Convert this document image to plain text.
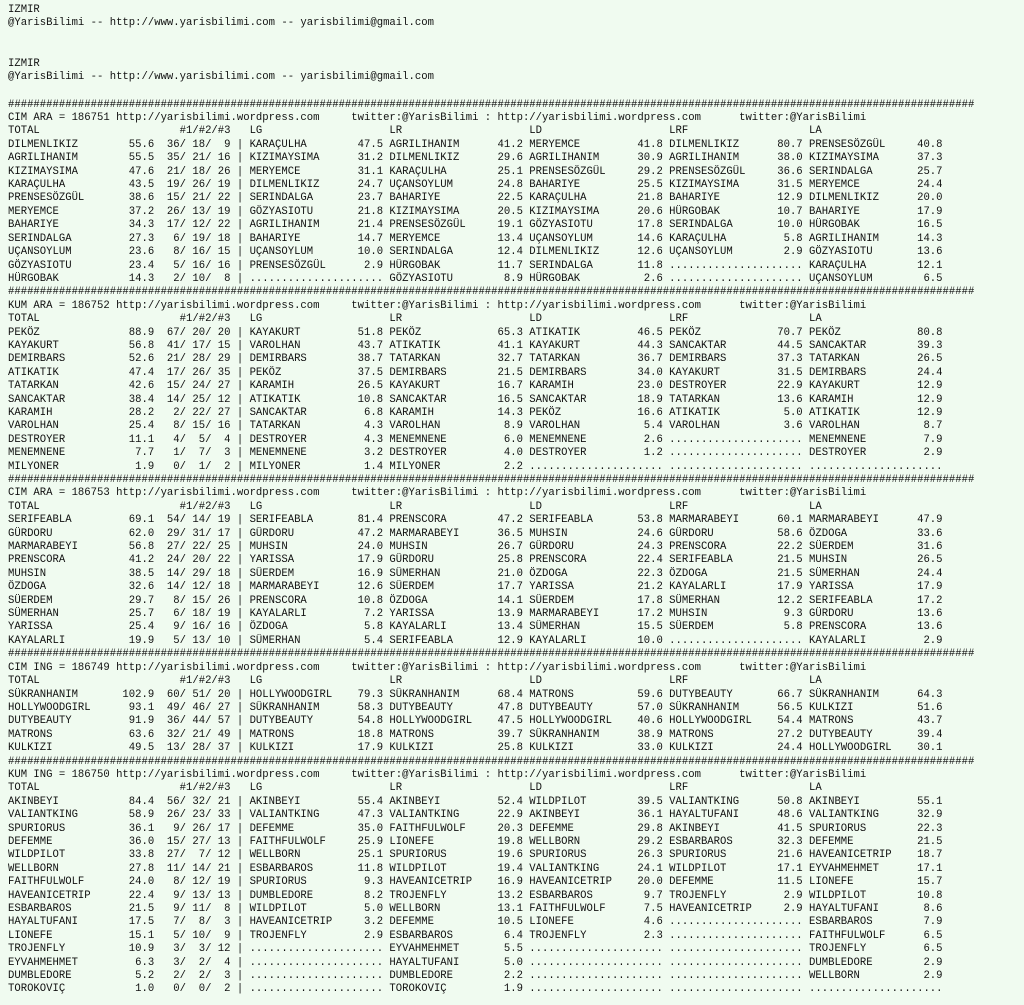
IZMIR
@YarisBilimi -- http://www.yarisbilimi.com -- yarisbilimi@gmail.com
IZMIR
@YarisBilimi -- http://www.yarisbilimi.com -- yarisbilimi@gmail.com
########################################################################################################################################################
CIM ARA = 186751 http://yarisbilimi.wordpress.com     twitter:@YarisBilimi : http://yarisbilimi.wordpress.com      twitter:@YarisBilimi
TOTAL                      #1/#2/#3   LG                    LR                    LD                    LRF                   LA
DILMENLIKIZ        55.6  36/ 18/  9 | KARAÇULHA        47.5 AGRILIHANIM      41.2 MERYEMCE         41.8 DILMENLIKIZ      80.7 PRENSESÖZGÜL     40.8
AGRILIHANIM        55.5  35/ 21/ 16 | KIZIMAYSIMA      31.2 DILMENLIKIZ      29.6 AGRILIHANIM      30.9 AGRILIHANIM      38.0 KIZIMAYSIMA      37.3
KIZIMAYSIMA        47.6  21/ 18/ 26 | MERYEMCE         31.1 KARAÇULHA        25.1 PRENSESÖZGÜL     29.2 PRENSESÖZGÜL     36.6 SERINDALGA       25.7
KARAÇULHA          43.5  19/ 26/ 19 | DILMENLIKIZ      24.7 UÇANSOYLUM       24.8 BAHARIYE         25.5 KIZIMAYSIMA      31.5 MERYEMCE         24.4
PRENSESÖZGÜL       38.6  15/ 21/ 22 | SERINDALGA       23.7 BAHARIYE         22.5 KARAÇULHA        21.8 BAHARIYE         12.9 DILMENLIKIZ      20.0
MERYEMCE           37.2  26/ 13/ 19 | GÖZYASIOTU       21.8 KIZIMAYSIMA      20.5 KIZIMAYSIMA      20.6 HÜRGOBAK         10.7 BAHARIYE         17.9
BAHARIYE           34.3  17/ 12/ 22 | AGRILIHANIM      21.4 PRENSESÖZGÜL     19.1 GÖZYASIOTU       17.8 SERINDALGA       10.0 HÜRGOBAK         16.5
SERINDALGA         27.3   6/ 19/ 18 | BAHARIYE         14.7 MERYEMCE         13.4 UÇANSOYLUM       14.6 KARAÇULHA         5.8 AGRILIHANIM      14.3
UÇANSOYLUM         23.6   8/ 16/ 15 | UÇANSOYLUM       10.0 SERINDALGA       12.4 DILMENLIKIZ      12.6 UÇANSOYLUM        2.9 GÖZYASIOTU       13.6
GÖZYASIOTU         23.4   5/ 16/ 16 | PRENSESÖZGÜL      2.9 HÜRGOBAK         11.7 SERINDALGA       11.8 ..................... KARAÇULHA        12.1
HÜRGOBAK           14.3   2/ 10/  8 | ..................... GÖZYASIOTU        8.9 HÜRGOBAK          2.6 ..................... UÇANSOYLUM        6.5
########################################################################################################################################################
KUM ARA = 186752 http://yarisbilimi.wordpress.com     twitter:@YarisBilimi : http://yarisbilimi.wordpress.com      twitter:@YarisBilimi
TOTAL                      #1/#2/#3   LG                    LR                    LD                    LRF                   LA
PEKÖZ              88.9  67/ 20/ 20 | KAYAKURT         51.8 PEKÖZ            65.3 ATIKATIK         46.5 PEKÖZ            70.7 PEKÖZ            80.8
KAYAKURT           56.8  41/ 17/ 15 | VAROLHAN         43.7 ATIKATIK         41.1 KAYAKURT         44.3 SANCAKTAR        44.5 SANCAKTAR        39.3
DEMIRBARS          52.6  21/ 28/ 29 | DEMIRBARS        38.7 TATARKAN         32.7 TATARKAN         36.7 DEMIRBARS        37.3 TATARKAN         26.5
ATIKATIK           47.4  17/ 26/ 35 | PEKÖZ            37.5 DEMIRBARS        21.5 DEMIRBARS        34.0 KAYAKURT         31.5 DEMIRBARS        24.4
TATARKAN           42.6  15/ 24/ 27 | KARAMIH          26.5 KAYAKURT         16.7 KARAMIH          23.0 DESTROYER        22.9 KAYAKURT         12.9
SANCAKTAR          38.4  14/ 25/ 12 | ATIKATIK         10.8 SANCAKTAR        16.5 SANCAKTAR        18.9 TATARKAN         13.6 KARAMIH          12.9
KARAMIH            28.2   2/ 22/ 27 | SANCAKTAR         6.8 KARAMIH          14.3 PEKÖZ            16.6 ATIKATIK          5.0 ATIKATIK         12.9
VAROLHAN           25.4   8/ 15/ 16 | TATARKAN          4.3 VAROLHAN          8.9 VAROLHAN          5.4 VAROLHAN          3.6 VAROLHAN          8.7
DESTROYER          11.1   4/  5/  4 | DESTROYER         4.3 MENEMNENE         6.0 MENEMNENE         2.6 ..................... MENEMNENE         7.9
MENEMNENE           7.7   1/  7/  3 | MENEMNENE         3.2 DESTROYER         4.0 DESTROYER         1.2 ..................... DESTROYER         2.9
MILYONER            1.9   0/  1/  2 | MILYONER          1.4 MILYONER          2.2 ..................... ..................... .....................
########################################################################################################################################################
CIM ARA = 186753 http://yarisbilimi.wordpress.com     twitter:@YarisBilimi : http://yarisbilimi.wordpress.com      twitter:@YarisBilimi
TOTAL                      #1/#2/#3   LG                    LR                    LD                    LRF                   LA
SERIFEABLA         69.1  54/ 14/ 19 | SERIFEABLA       81.4 PRENSCORA        47.2 SERIFEABLA       53.8 MARMARABEYI      60.1 MARMARABEYI      47.9
GÜRDORU            62.0  29/ 31/ 17 | GÜRDORU          47.2 MARMARABEYI      36.5 MUHSIN           24.6 GÜRDORU          58.6 ÖZDOGA           33.6
MARMARABEYI        56.8  27/ 22/ 25 | MUHSIN           24.0 MUHSIN           26.7 GÜRDORU          24.3 PRENSCORA        22.2 SÜERDEM          31.6
PRENSCORA          41.2  24/ 20/ 22 | YARISSA          17.9 GÜRDORU          25.8 PRENSCORA        22.4 SERIFEABLA       21.5 MUHSIN           26.5
MUHSIN             38.5  14/ 29/ 18 | SÜERDEM          16.9 SÜMERHAN         21.0 ÖZDOGA           22.3 ÖZDOGA           21.5 SÜMERHAN         24.4
ÖZDOGA             32.6  14/ 12/ 18 | MARMARABEYI      12.6 SÜERDEM          17.7 YARISSA          21.2 KAYALARLI        17.9 YARISSA          17.9
SÜERDEM            29.7   8/ 15/ 26 | PRENSCORA        10.8 ÖZDOGA           14.1 SÜERDEM          17.8 SÜMERHAN         12.2 SERIFEABLA       17.2
SÜMERHAN           25.7   6/ 18/ 19 | KAYALARLI         7.2 YARISSA          13.9 MARMARABEYI      17.2 MUHSIN            9.3 GÜRDORU          13.6
YARISSA            25.4   9/ 16/ 16 | ÖZDOGA            5.8 KAYALARLI        13.4 SÜMERHAN         15.5 SÜERDEM           5.8 PRENSCORA        13.6
KAYALARLI          19.9   5/ 13/ 10 | SÜMERHAN          5.4 SERIFEABLA       12.9 KAYALARLI        10.0 ..................... KAYALARLI         2.9
########################################################################################################################################################
CIM ING = 186749 http://yarisbilimi.wordpress.com     twitter:@YarisBilimi : http://yarisbilimi.wordpress.com      twitter:@YarisBilimi
TOTAL                      #1/#2/#3   LG                    LR                    LD                    LRF                   LA
SÜKRANHANIM       102.9  60/ 51/ 20 | HOLLYWOODGIRL    79.3 SÜKRANHANIM      68.4 MATRONS          59.6 DUTYBEAUTY       66.7 SÜKRANHANIM      64.3
HOLLYWOODGIRL      93.1  49/ 46/ 27 | SÜKRANHANIM      58.3 DUTYBEAUTY       47.8 DUTYBEAUTY       57.0 SÜKRANHANIM      56.5 KULKIZI          51.6
DUTYBEAUTY         91.9  36/ 44/ 57 | DUTYBEAUTY       54.8 HOLLYWOODGIRL    47.5 HOLLYWOODGIRL    40.6 HOLLYWOODGIRL    54.4 MATRONS          43.7
MATRONS            63.6  32/ 21/ 49 | MATRONS          18.8 MATRONS          39.7 SÜKRANHANIM      38.9 MATRONS          27.2 DUTYBEAUTY       39.4
KULKIZI            49.5  13/ 28/ 37 | KULKIZI          17.9 KULKIZI          25.8 KULKIZI          33.0 KULKIZI          24.4 HOLLYWOODGIRL    30.1
########################################################################################################################################################
KUM ING = 186750 http://yarisbilimi.wordpress.com     twitter:@YarisBilimi : http://yarisbilimi.wordpress.com      twitter:@YarisBilimi
TOTAL                      #1/#2/#3   LG                    LR                    LD                    LRF                   LA
AKINBEYI           84.4  56/ 32/ 21 | AKINBEYI         55.4 AKINBEYI         52.4 WILDPILOT        39.5 VALIANTKING      50.8 AKINBEYI         55.1
VALIANTKING        58.9  26/ 23/ 33 | VALIANTKING      47.3 VALIANTKING      22.9 AKINBEYI         36.1 HAYALTUFANI      48.6 VALIANTKING      32.9
SPURIORUS          36.1   9/ 26/ 17 | DEFEMME          35.0 FAITHFULWOLF     20.3 DEFEMME          29.8 AKINBEYI         41.5 SPURIORUS        22.3
DEFEMME            36.0  15/ 27/ 13 | FAITHFULWOLF     25.9 LIONEFE          19.8 WELLBORN         29.2 ESBARBAROS       32.3 DEFEMME          21.5
WILDPILOT          33.8  27/  7/ 12 | WELLBORN         25.1 SPURIORUS        19.6 SPURIORUS        26.3 SPURIORUS        21.6 HAVEANICETRIP    18.7
WELLBORN           27.8  11/ 14/ 21 | ESBARBAROS       11.8 WILDPILOT        19.4 VALIANTKING      24.1 WILDPILOT        17.1 EYVAHMEHMET      17.1
FAITHFULWOLF       24.0   8/ 12/ 19 | SPURIORUS         9.3 HAVEANICETRIP    16.9 HAVEANICETRIP    20.0 DEFEMME          11.5 LIONEFE          15.7
HAVEANICETRIP      22.4   9/ 13/ 13 | DUMBLEDORE        8.2 TROJENFLY        13.2 ESBARBAROS        9.7 TROJENFLY         2.9 WILDPILOT        10.8
ESBARBAROS         21.5   9/ 11/  8 | WILDPILOT         5.0 WELLBORN         13.1 FAITHFULWOLF      7.5 HAVEANICETRIP     2.9 HAYALTUFANI       8.6
HAYALTUFANI        17.5   7/  8/  3 | HAVEANICETRIP     3.2 DEFEMME          10.5 LIONEFE           4.6 ..................... ESBARBAROS        7.9
LIONEFE            15.1   5/ 10/  9 | TROJENFLY         2.9 ESBARBAROS        6.4 TROJENFLY         2.3 ..................... FAITHFULWOLF      6.5
TROJENFLY          10.9   3/  3/ 12 | ..................... EYVAHMEHMET       5.5 ..................... ..................... TROJENFLY         6.5
EYVAHMEHMET         6.3   3/  2/  4 | ..................... HAYALTUFANI       5.0 ..................... ..................... DUMBLEDORE        2.9
DUMBLEDORE          5.2   2/  2/  3 | ..................... DUMBLEDORE        2.2 ..................... ..................... WELLBORN          2.9
TOROKOVIÇ           1.0   0/  0/  2 | ..................... TOROKOVIÇ         1.9 ..................... ..................... .....................
